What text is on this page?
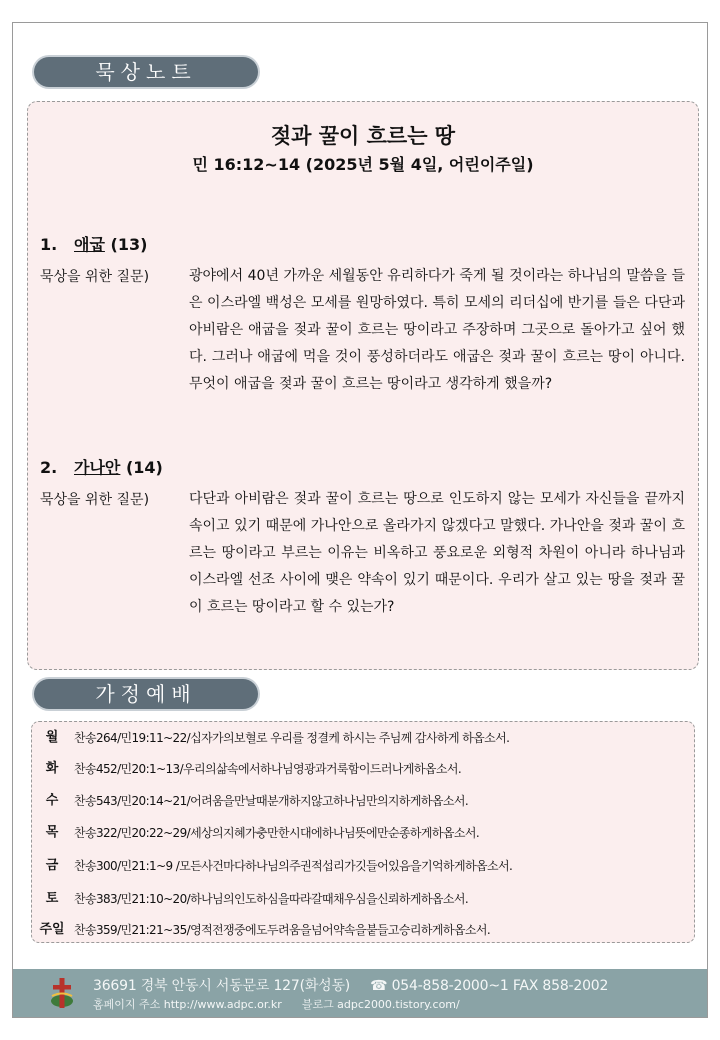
묵상노트
젖과 꿀이 흐르는 땅
민 16:12~14 (2025년 5월 4일, 어린이주일)
1. 애굽 (13)
묵상을 위한 질문)	광야에서 40년 가까운 세월동안 유리하다가 죽게 될 것이라는 하나님의 말씀을 들은 이스라엘 백성은 모세를 원망하였다. 특히 모세의 리더십에 반기를 들은 다단과 아비람은 애굽을 젖과 꿀이 흐르는 땅이라고 주장하며 그곳으로 돌아가고 싶어 했다. 그러나 애굽에 먹을 것이 풍성하더라도 애굽은 젖과 꿀이 흐르는 땅이 아니다. 무엇이 애굽을 젖과 꿀이 흐르는 땅이라고 생각하게 했을까?
2. 가나안 (14)
묵상을 위한 질문)	다단과 아비람은 젖과 꿀이 흐르는 땅으로 인도하지 않는 모세가 자신들을 끝까지 속이고 있기 때문에 가나안으로 올라가지 않겠다고 말했다. 가나안을 젖과 꿀이 흐르는 땅이라고 부르는 이유는 비옥하고 풍요로운 외형적 차원이 아니라 하나님과 이스라엘 선조 사이에 맺은 약속이 있기 때문이다. 우리가 살고 있는 땅을 젖과 꿀이 흐르는 땅이라고 할 수 있는가?
가정예배
월	찬송264/민19:11~22/십자가의보혈로 우리를 정결케 하시는 주님께 감사하게 하옵소서.
화	찬송452/민20:1~13/우리의삶속에서하나님영광과거룩함이드러나게하옵소서.
수	찬송543/민20:14~21/어려움을만날때분개하지않고하나님만의지하게하옵소서.
목	찬송322/민20:22~29/세상의지혜가충만한시대에하나님뜻에만순종하게하옵소서.
금	찬송300/민21:1~9 /모든사건마다하나님의주권적섭리가깃들어있음을기억하게하옵소서.
토	찬송383/민21:10~20/하나님의인도하심을따라갈때채우심을신뢰하게하옵소서.
주일 찬송359/민21:21~35/영적전쟁중에도두려움을넘어약속을붙들고승리하게하옵소서.
36691 경북 안동시 서동문로 127(화성동) ☎ 054-858-2000~1 FAX 858-2002
홈페이지 주소 http://www.adpc.or.kr 블로그 adpc2000.tistory.com/
